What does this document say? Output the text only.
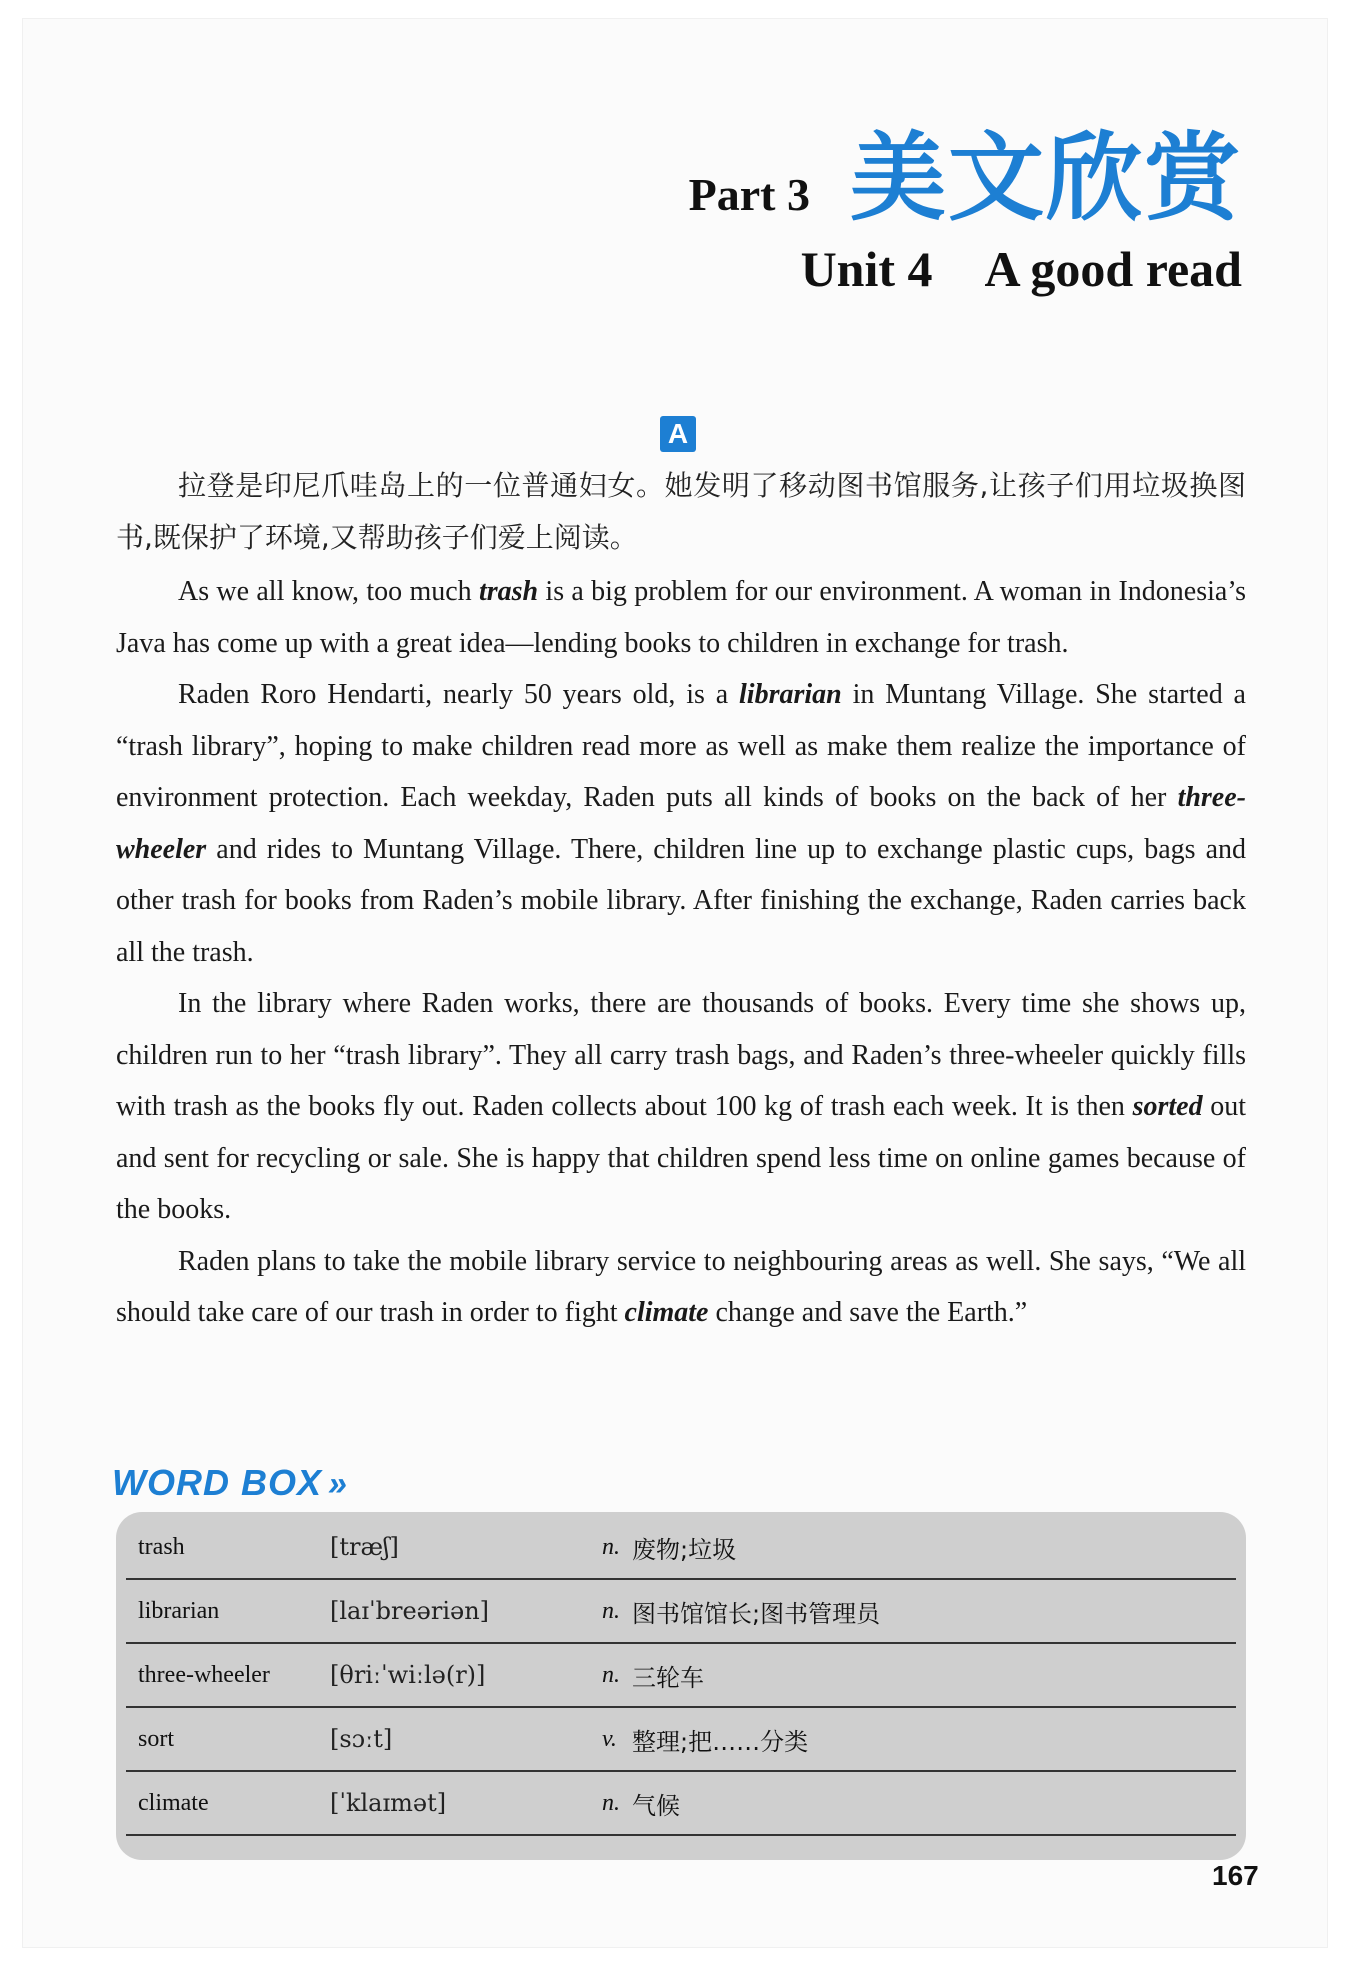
Part 3 美文欣赏
Unit 4 A good read
A

拉登是印尼爪哇岛上的一位普通妇女。她发明了移动图书馆服务,让孩子们用垃圾换图书,既保护了环境,又帮助孩子们爱上阅读。

As we all know, too much trash is a big problem for our environment. A woman in Indonesia’s Java has come up with a great idea—lending books to children in exchange for trash.

Raden Roro Hendarti, nearly 50 years old, is a librarian in Muntang Village. She started a “trash library”, hoping to make children read more as well as make them realize the importance of environment protection. Each weekday, Raden puts all kinds of books on the back of her three-wheeler and rides to Muntang Village. There, children line up to exchange plastic cups, bags and other trash for books from Raden’s mobile library. After finishing the exchange, Raden carries back all the trash.

In the library where Raden works, there are thousands of books. Every time she shows up, children run to her “trash library”. They all carry trash bags, and Raden’s three-wheeler quickly fills with trash as the books fly out. Raden collects about 100 kg of trash each week. It is then sorted out and sent for recycling or sale. She is happy that children spend less time on online games because of the books.

Raden plans to take the mobile library service to neighbouring areas as well. She says, “We all should take care of our trash in order to fight climate change and save the Earth.”

WORD BOX »
trash	[træʃ]	n. 废物;垃圾
librarian	[laɪˈbreəriən]	n. 图书馆馆长;图书管理员
three-wheeler	[θriːˈwiːlə(r)]	n. 三轮车
sort	[sɔːt]	v. 整理;把……分类
climate	[ˈklaɪmət]	n. 气候
167
